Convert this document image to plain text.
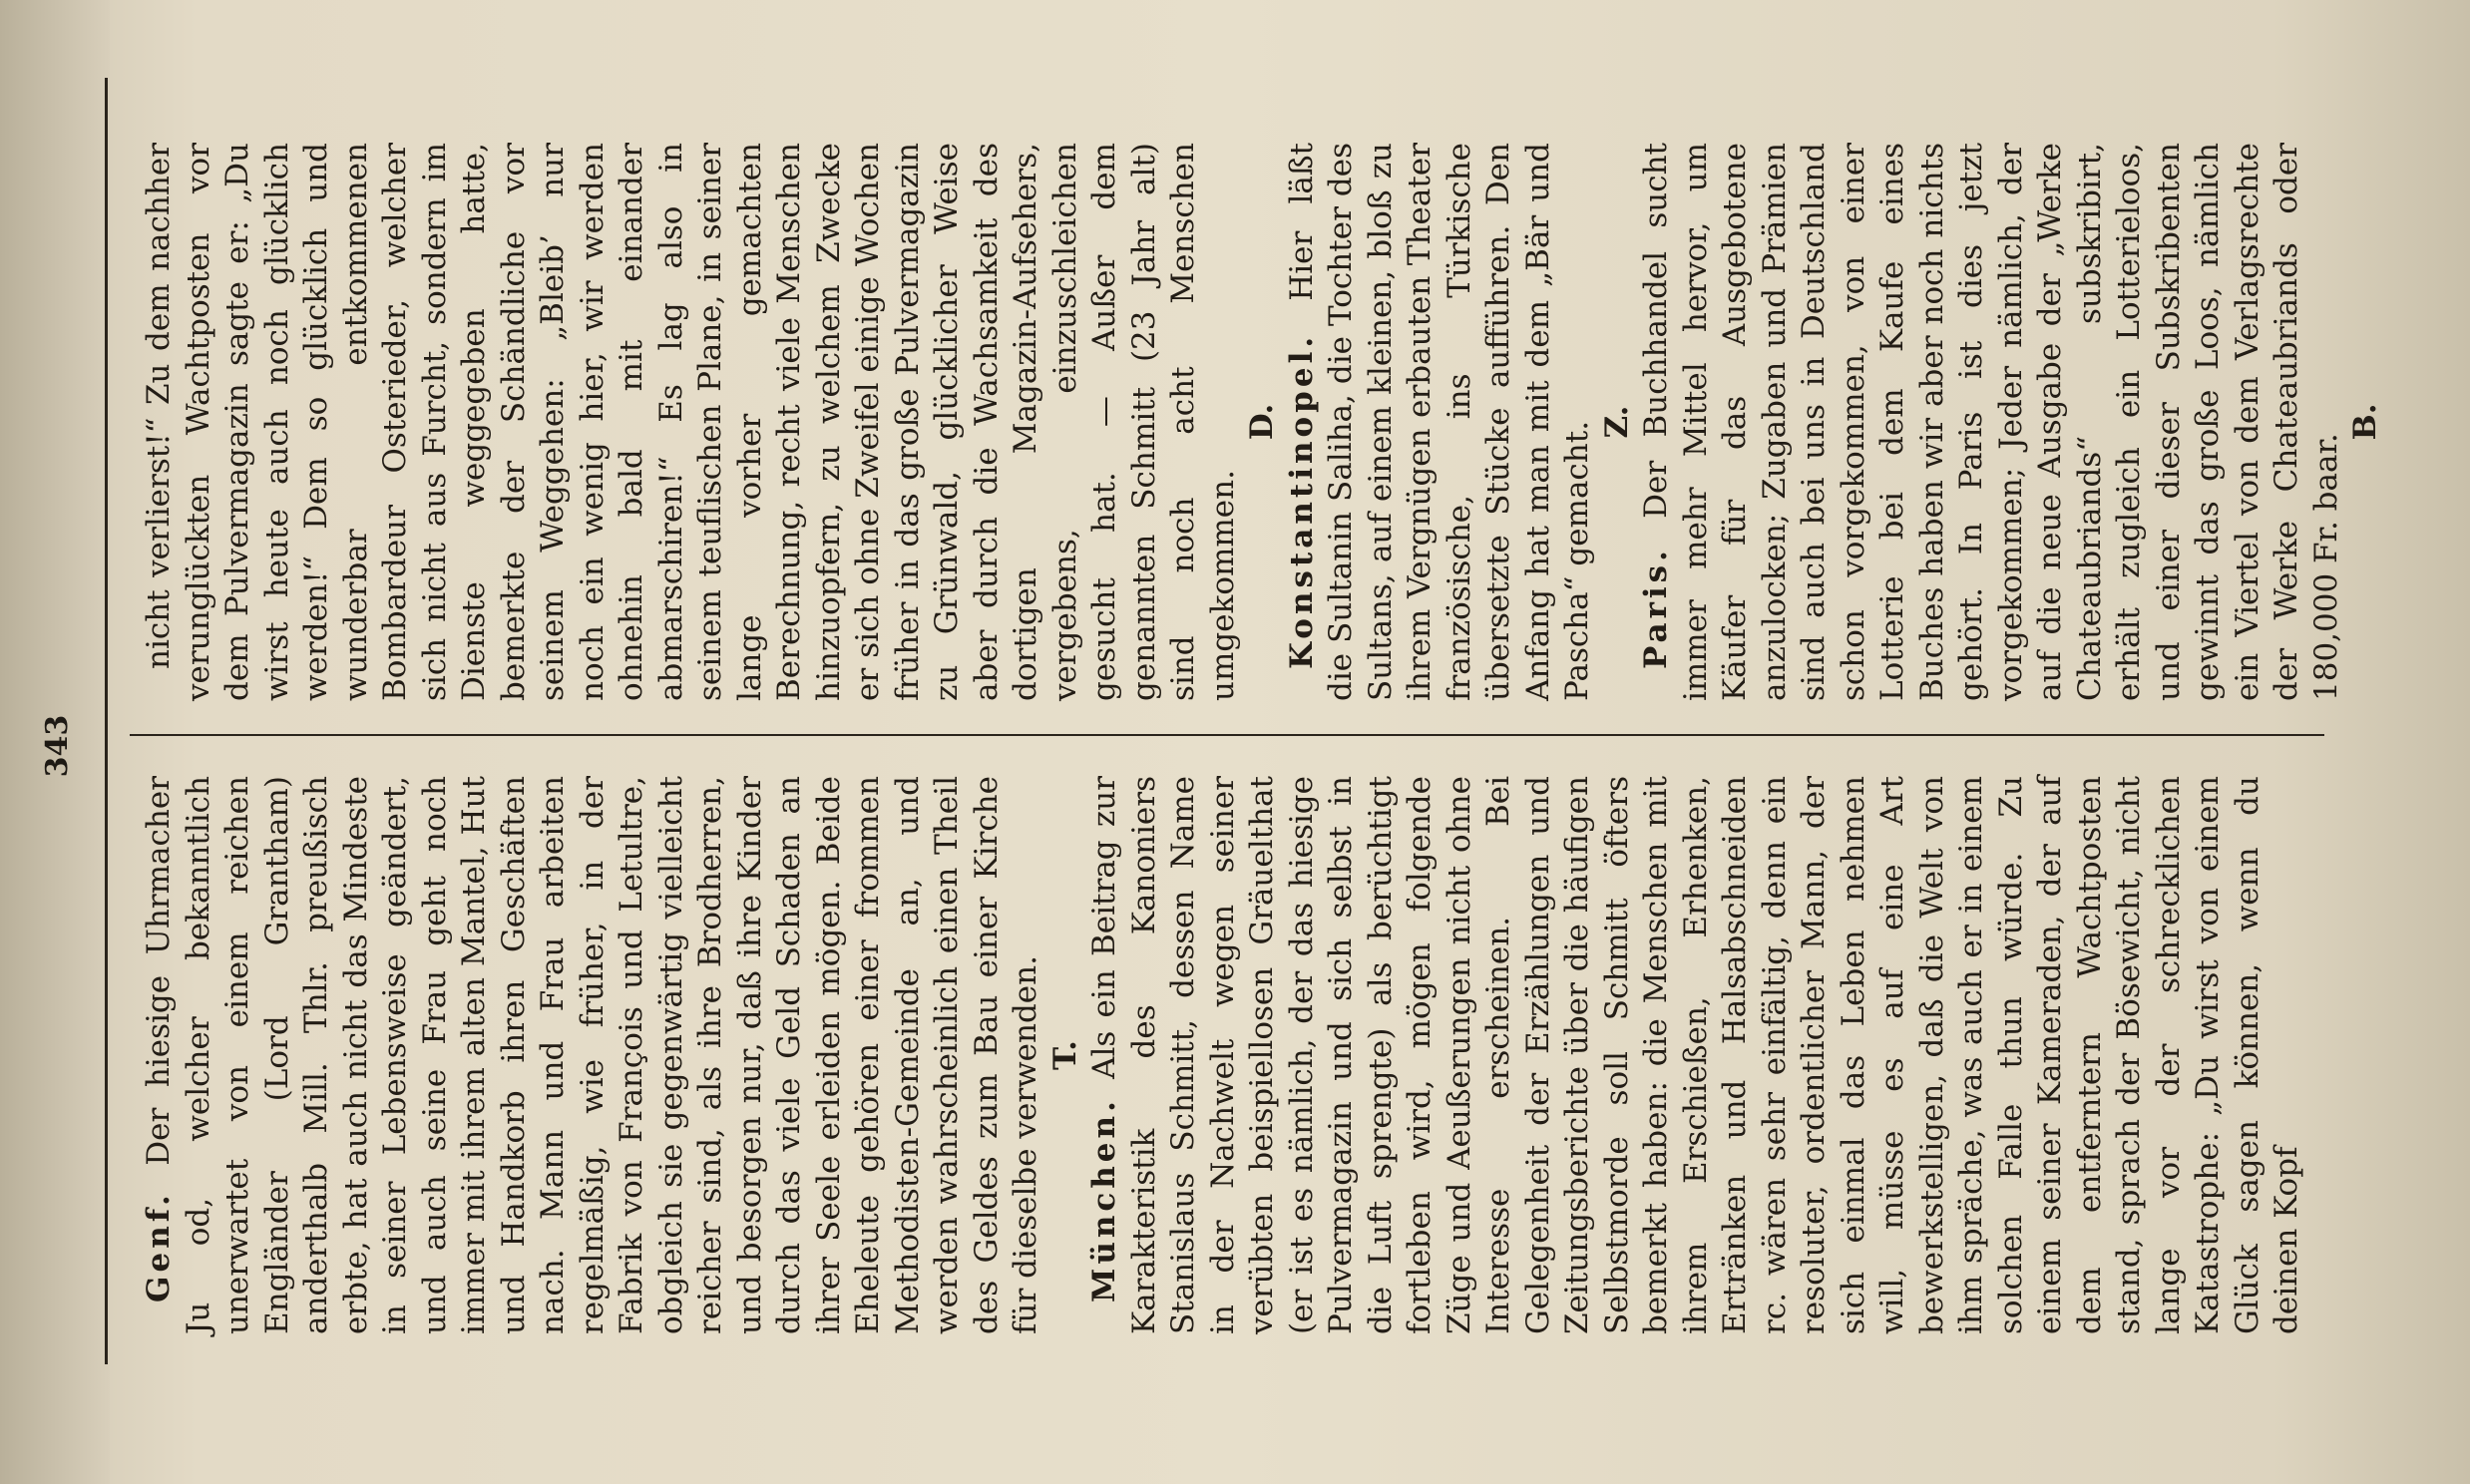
343

Genf. Der hiesige Uhrmacher Ju od, welcher bekanntlich unerwartet von einem reichen Engländer (Lord Grantham) anderthalb Mill. Thlr. preußisch erbte, hat auch nicht das Mindeste in seiner Lebensweise geändert, und auch seine Frau geht noch immer mit ihrem alten Mantel, Hut und Handkorb ihren Geschäften nach. Mann und Frau arbeiten regelmäßig, wie früher, in der Fabrik von François und Letultre, obgleich sie gegenwärtig vielleicht reicher sind, als ihre Brodherren, und besorgen nur, daß ihre Kinder durch das viele Geld Schaden an ihrer Seele erleiden mögen. Beide Eheleute gehören einer frommen Methodisten-Gemeinde an, und werden wahrscheinlich einen Theil des Geldes zum Bau einer Kirche für dieselbe verwenden. T.

München. Als ein Beitrag zur Karakteristik des Kanoniers Stanislaus Schmitt, dessen Name in der Nachwelt wegen seiner verübten beispiellosen Gräuelthat (er ist es nämlich, der das hiesige Pulvermagazin und sich selbst in die Luft sprengte) als berüchtigt fortleben wird, mögen folgende Züge und Aeußerungen nicht ohne Interesse erscheinen. Bei Gelegenheit der Erzählungen und Zeitungsberichte über die häufigen Selbstmorde soll Schmitt öfters bemerkt haben: die Menschen mit ihrem Erschießen, Erhenken, Ertränken und Halsabschneiden rc. wären sehr einfältig, denn ein resoluter, ordentlicher Mann, der sich einmal das Leben nehmen will, müsse es auf eine Art bewerkstelligen, daß die Welt von ihm spräche, was auch er in einem solchen Falle thun würde. Zu einem seiner Kameraden, der auf dem entferntern Wachtposten stand, sprach der Bösewicht, nicht lange vor der schrecklichen Katastrophe: „Du wirst von einem Glück sagen können, wenn du deinen Kopf

nicht verlierst!“ Zu dem nachher verunglückten Wachtposten vor dem Pulvermagazin sagte er: „Du wirst heute auch noch glücklich werden!“ Dem so glücklich und wunderbar entkommenen Bombardeur Osterieder, welcher sich nicht aus Furcht, sondern im Dienste weggegeben hatte, bemerkte der Schändliche vor seinem Weggehen: „Bleib’ nur noch ein wenig hier, wir werden ohnehin bald mit einander abmarschiren!“ Es lag also in seinem teuflischen Plane, in seiner lange vorher gemachten Berechnung, recht viele Menschen hinzuopfern, zu welchem Zwecke er sich ohne Zweifel einige Wochen früher in das große Pulvermagazin zu Grünwald, glücklicher Weise aber durch die Wachsamkeit des dortigen Magazin-Aufsehers, vergebens, einzuschleichen gesucht hat. — Außer dem genannten Schmitt (23 Jahr alt) sind noch acht Menschen umgekommen.

D. Konstantinopel. Hier läßt die Sultanin Saliha, die Tochter des Sultans, auf einem kleinen, bloß zu ihrem Vergnügen erbauten Theater französische, ins Türkische übersetzte Stücke aufführen. Den Anfang hat man mit dem „Bär und Pascha“ gemacht. Z.

Paris. Der Buchhandel sucht immer mehr Mittel hervor, um Käufer für das Ausgebotene anzulocken; Zugaben und Prämien sind auch bei uns in Deutschland schon vorgekommen, von einer Lotterie bei dem Kaufe eines Buches haben wir aber noch nichts gehört. In Paris ist dies jetzt vorgekommen; Jeder nämlich, der auf die neue Ausgabe der „Werke Chateaubriands“ subskribirt, erhält zugleich ein Lotterieloos, und einer dieser Subskribenten gewinnt das große Loos, nämlich ein Viertel von dem Verlagsrechte der Werke Chateaubriands oder 180,000 Fr. baar.

B.
